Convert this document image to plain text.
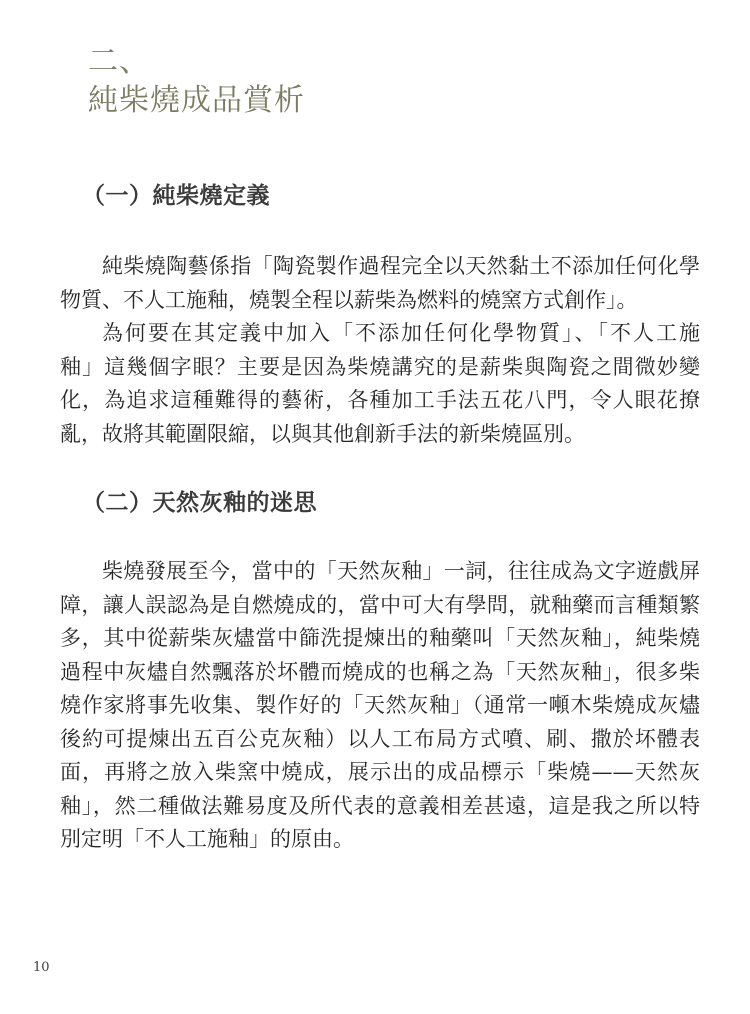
二、
純柴燒成品賞析
（一）純柴燒定義
純柴燒陶藝係指「陶瓷製作過程完全以天然黏土不添加任何化學
物質、不人工施釉，燒製全程以薪柴為燃料的燒窯方式創作」。
為何要在其定義中加入「不添加任何化學物質」、「不人工施
釉」這幾個字眼？主要是因為柴燒講究的是薪柴與陶瓷之間微妙變
化，為追求這種難得的藝術，各種加工手法五花八門，令人眼花撩
亂，故將其範圍限縮，以與其他創新手法的新柴燒區別。
（二）天然灰釉的迷思
柴燒發展至今，當中的「天然灰釉」一詞，往往成為文字遊戲屏
障，讓人誤認為是自燃燒成的，當中可大有學問，就釉藥而言種類繁
多，其中從薪柴灰燼當中篩洗提煉出的釉藥叫「天然灰釉」，純柴燒
過程中灰燼自然飄落於坏體而燒成的也稱之為「天然灰釉」，很多柴
燒作家將事先收集、製作好的「天然灰釉」（通常一噸木柴燒成灰燼
後約可提煉出五百公克灰釉）以人工布局方式噴、刷、撒於坏體表
面，再將之放入柴窯中燒成，展示出的成品標示「柴燒——天然灰
釉」，然二種做法難易度及所代表的意義相差甚遠，這是我之所以特
別定明「不人工施釉」的原由。
10
